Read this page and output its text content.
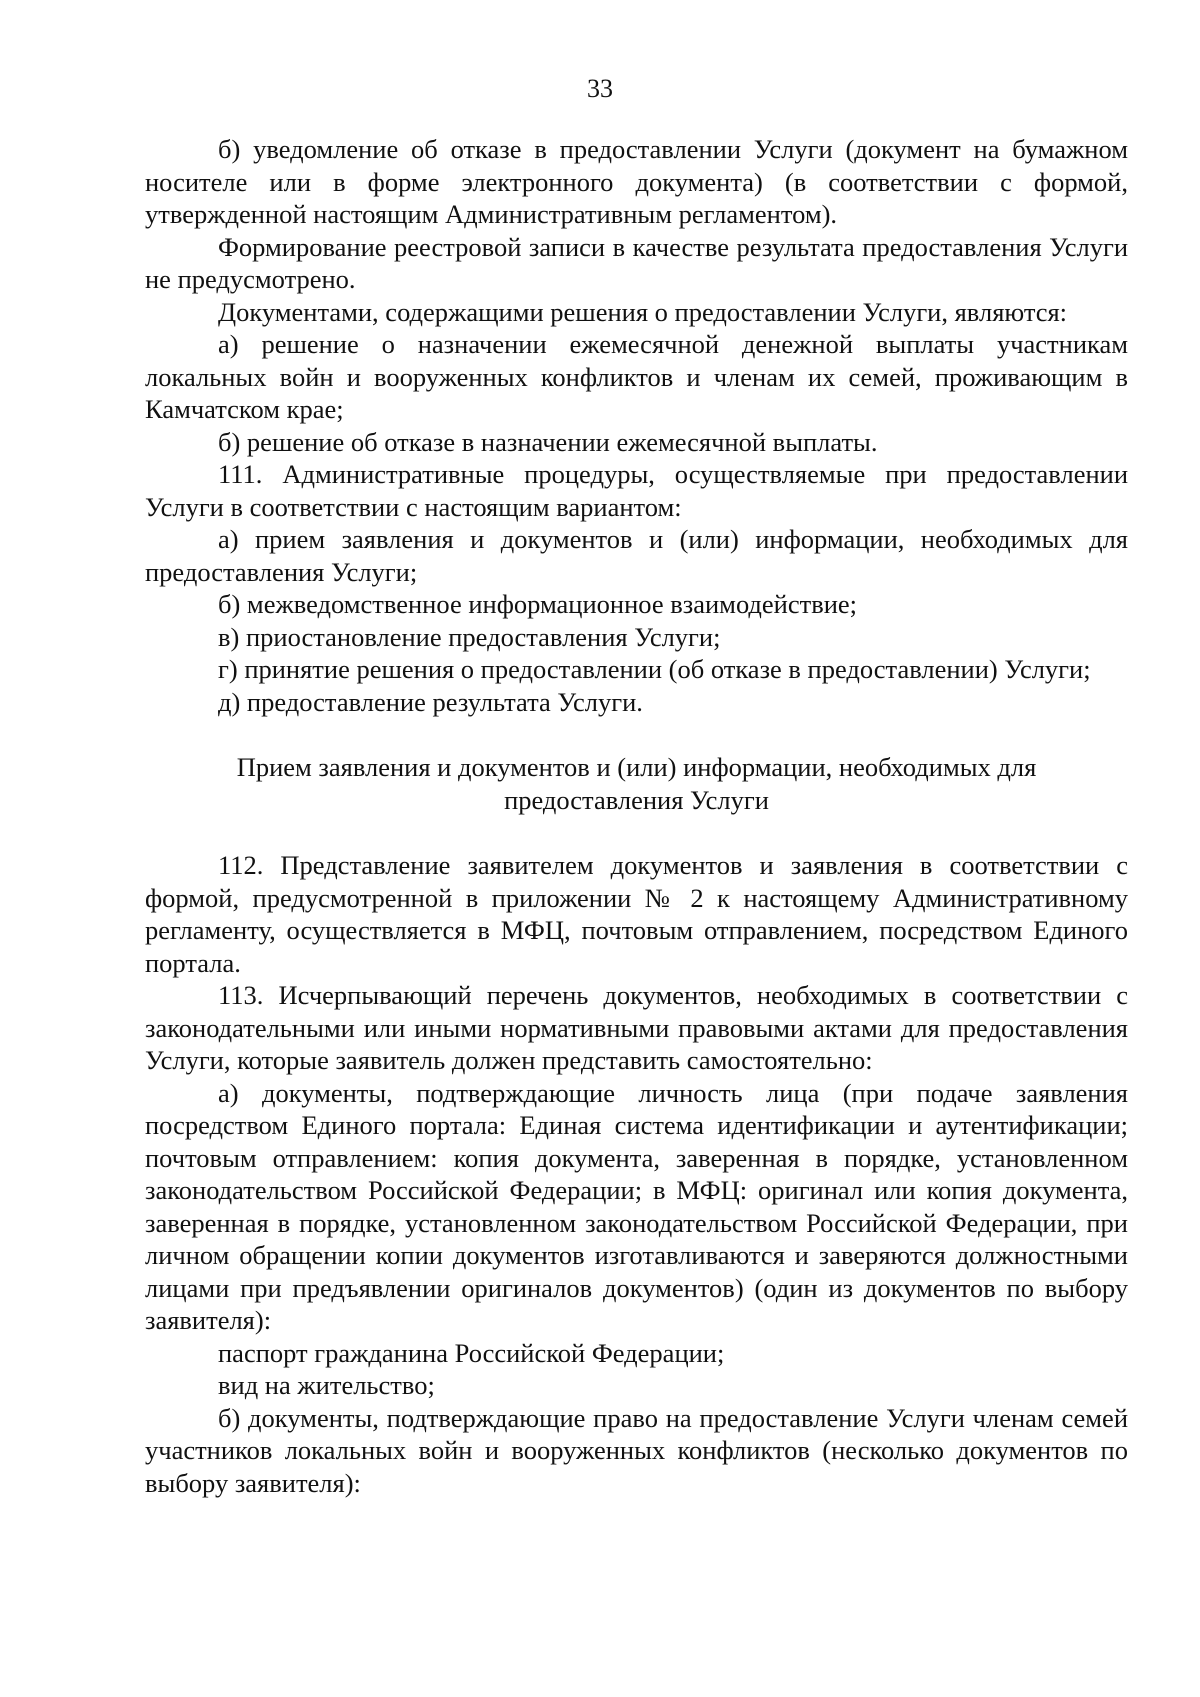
33

б) уведомление об отказе в предоставлении Услуги (документ на бумажном носителе или в форме электронного документа) (в соответствии с формой, утвержденной настоящим Административным регламентом).

Формирование реестровой записи в качестве результата предоставления Услуги не предусмотрено.

Документами, содержащими решения о предоставлении Услуги, являются:

а) решение о назначении ежемесячной денежной выплаты участникам локальных войн и вооруженных конфликтов и членам их семей, проживающим в Камчатском крае;

б) решение об отказе в назначении ежемесячной выплаты.

111. Административные процедуры, осуществляемые при предоставлении Услуги в соответствии с настоящим вариантом:

а) прием заявления и документов и (или) информации, необходимых для предоставления Услуги;

б) межведомственное информационное взаимодействие;

в) приостановление предоставления Услуги;

г) принятие решения о предоставлении (об отказе в предоставлении) Услуги;

д) предоставление результата Услуги.

Прием заявления и документов и (или) информации, необходимых для предоставления Услуги

112. Представление заявителем документов и заявления в соответствии с формой, предусмотренной в приложении № 2 к настоящему Административному регламенту, осуществляется в МФЦ, почтовым отправлением, посредством Единого портала.

113. Исчерпывающий перечень документов, необходимых в соответствии с законодательными или иными нормативными правовыми актами для предоставления Услуги, которые заявитель должен представить самостоятельно:

а) документы, подтверждающие личность лица (при подаче заявления посредством Единого портала: Единая система идентификации и аутентификации; почтовым отправлением: копия документа, заверенная в порядке, установленном законодательством Российской Федерации; в МФЦ: оригинал или копия документа, заверенная в порядке, установленном законодательством Российской Федерации, при личном обращении копии документов изготавливаются и заверяются должностными лицами при предъявлении оригиналов документов) (один из документов по выбору заявителя):

паспорт гражданина Российской Федерации;

вид на жительство;

б) документы, подтверждающие право на предоставление Услуги членам семей участников локальных войн и вооруженных конфликтов (несколько документов по выбору заявителя):
